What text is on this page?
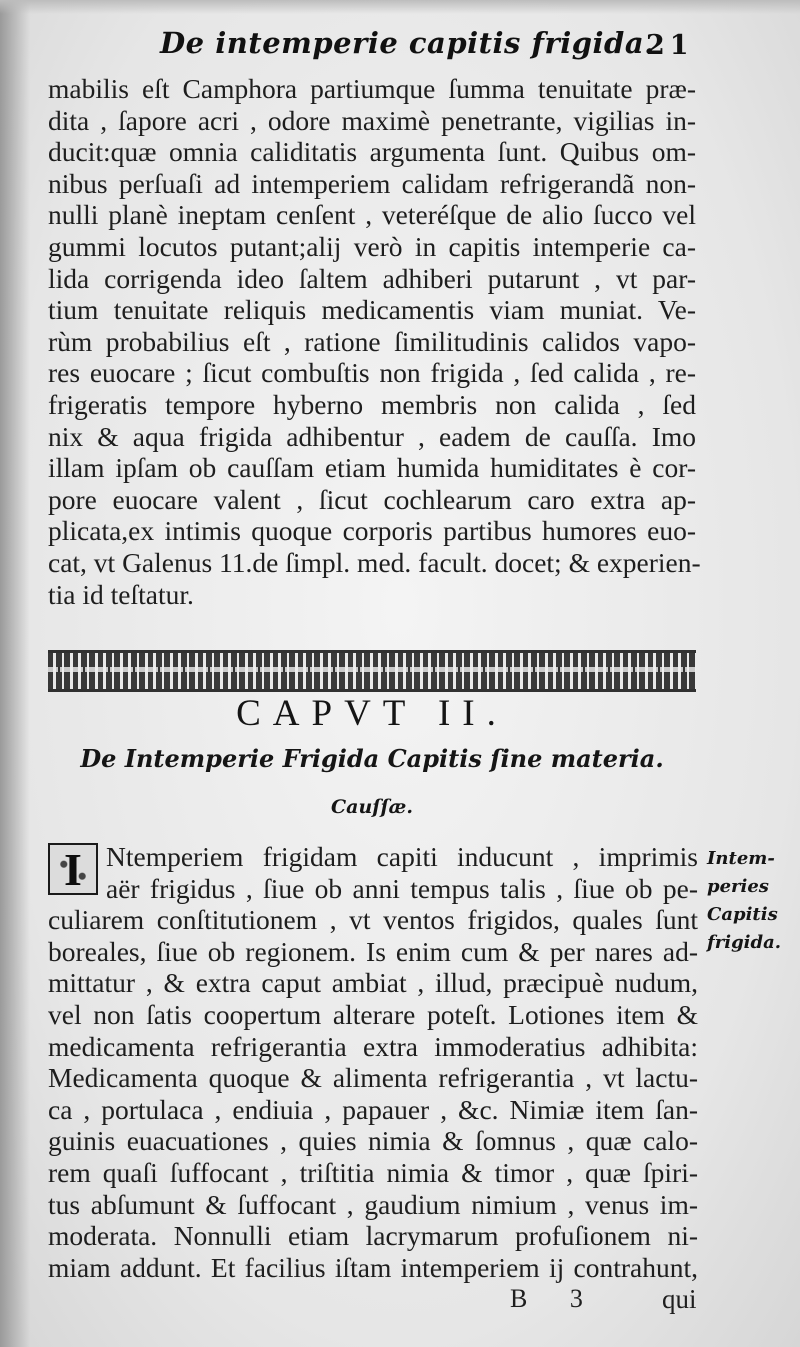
De intemperie capitis frigida.
21
mabilis eſt Camphora partiumque ſumma tenuitate præ-
dita , ſapore acri , odore maximè penetrante, vigilias in-
ducit:quæ omnia caliditatis argumenta ſunt. Quibus om-
nibus perſuaſi ad intemperiem calidam refrigerandã non-
nulli planè ineptam cenſent , veteréſque de alio ſucco vel
gummi locutos putant;alij verò in capitis intemperie ca-
lida corrigenda ideo ſaltem adhiberi putarunt , vt par-
tium tenuitate reliquis medicamentis viam muniat. Ve-
rùm probabilius eſt , ratione ſimilitudinis calidos vapo-
res euocare ; ſicut combuſtis non frigida , ſed calida , re-
frigeratis tempore hyberno membris non calida , ſed
nix & aqua frigida adhibentur , eadem de cauſſa. Imo
illam ipſam ob cauſſam etiam humida humiditates è cor-
pore euocare valent , ſicut cochlearum caro extra ap-
plicata,ex intimis quoque corporis partibus humores euo-
cat, vt Galenus 11.de ſimpl. med. facult. docet; & experien-
tia id teſtatur.
CAPVT II.
De Intemperie Frigida Capitis ſine materia.
Cauſſæ.
I Ntemperiem frigidam capiti inducunt , imprimis
aër frigidus , ſiue ob anni tempus talis , ſiue ob pe-
culiarem conſtitutionem , vt ventos frigidos, quales ſunt
boreales, ſiue ob regionem. Is enim cum & per nares ad-
mittatur , & extra caput ambiat , illud, præcipuè nudum,
vel non ſatis coopertum alterare poteſt. Lotiones item &
medicamenta refrigerantia extra immoderatius adhibita:
Medicamenta quoque & alimenta refrigerantia , vt lactu-
ca , portulaca , endiuia , papauer , &c. Nimiæ item ſan-
guinis euacuationes , quies nimia & ſomnus , quæ calo-
rem quaſi ſuffocant , triſtitia nimia & timor , quæ ſpiri-
tus abſumunt & ſuffocant , gaudium nimium , venus im-
moderata. Nonnulli etiam lacrymarum profuſionem ni-
miam addunt. Et facilius iſtam intemperiem ij contrahunt,
Intem-
peries
Capitis
frigida.
B 3 qui
